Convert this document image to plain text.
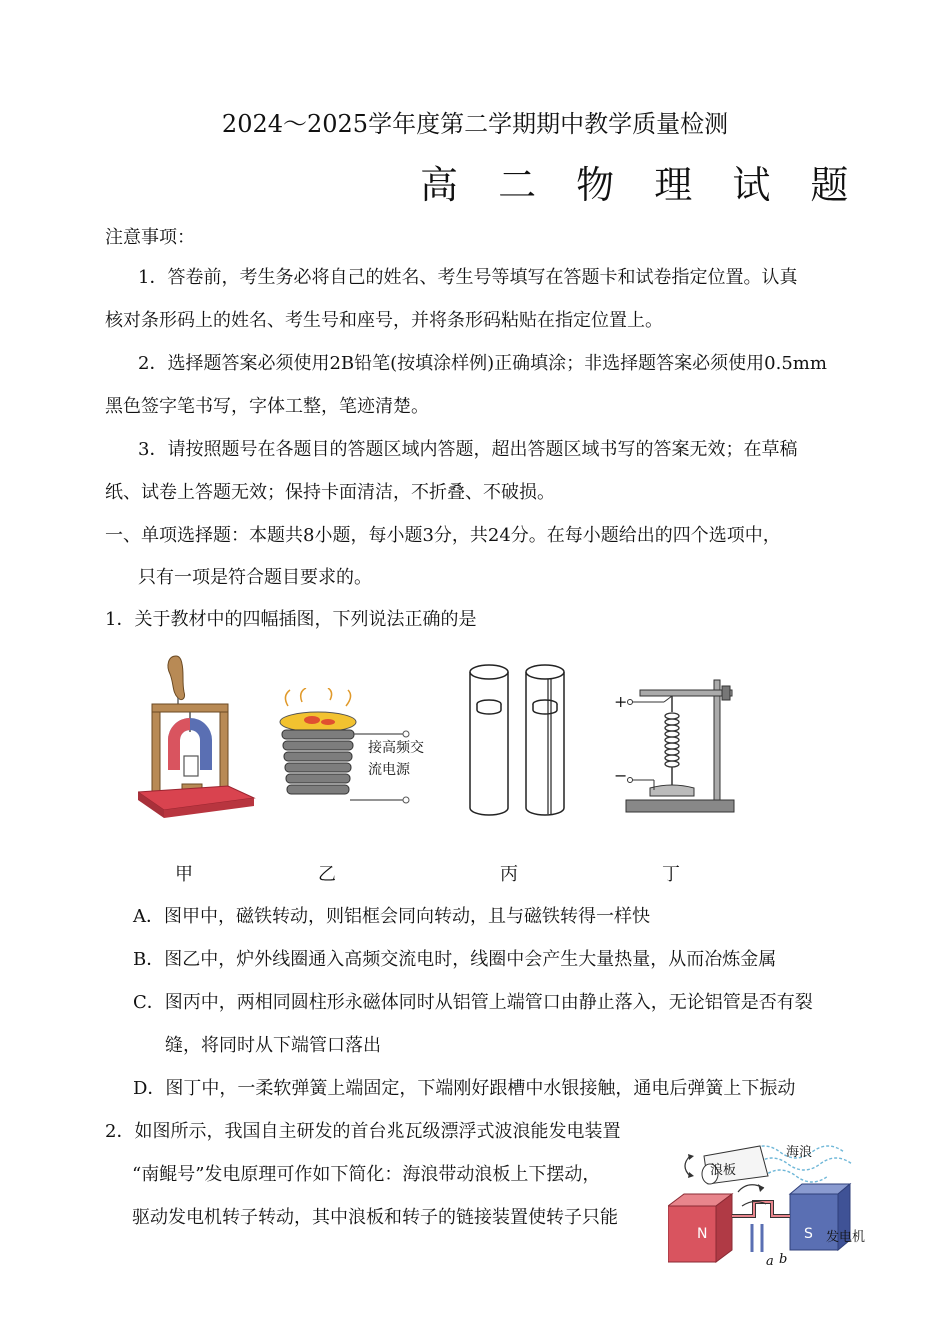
2024～2025学年度第二学期期中教学质量检测
高 二 物 理 试 题
注意事项：
1．答卷前，考生务必将自己的姓名、考生号等填写在答题卡和试卷指定位置。认真
核对条形码上的姓名、考生号和座号，并将条形码粘贴在指定位置上。
2．选择题答案必须使用2B铅笔(按填涂样例)正确填涂；非选择题答案必须使用0.5mm
黑色签字笔书写，字体工整，笔迹清楚。
3．请按照题号在各题目的答题区域内答题，超出答题区域书写的答案无效；在草稿
纸、试卷上答题无效；保持卡面清洁，不折叠、不破损。
一、单项选择题：本题共8小题，每小题3分，共24分。在每小题给出的四个选项中，
只有一项是符合题目要求的。
1．关于教材中的四幅插图，下列说法正确的是
接高频交
流电源
+
−
甲	乙	丙	丁
A．图甲中，磁铁转动，则铝框会同向转动，且与磁铁转得一样快
B．图乙中，炉外线圈通入高频交流电时，线圈中会产生大量热量，从而冶炼金属
C．图丙中，两相同圆柱形永磁体同时从铝管上端管口由静止落入，无论铝管是否有裂
缝，将同时从下端管口落出
D．图丁中，一柔软弹簧上端固定，下端刚好跟槽中水银接触，通电后弹簧上下振动
2．如图所示，我国自主研发的首台兆瓦级漂浮式波浪能发电装置
“南鲲号”发电原理可作如下简化：海浪带动浪板上下摆动，
驱动发电机转子转动，其中浪板和转子的链接装置使转子只能
海浪
浪板
N	S 发电机
a b
